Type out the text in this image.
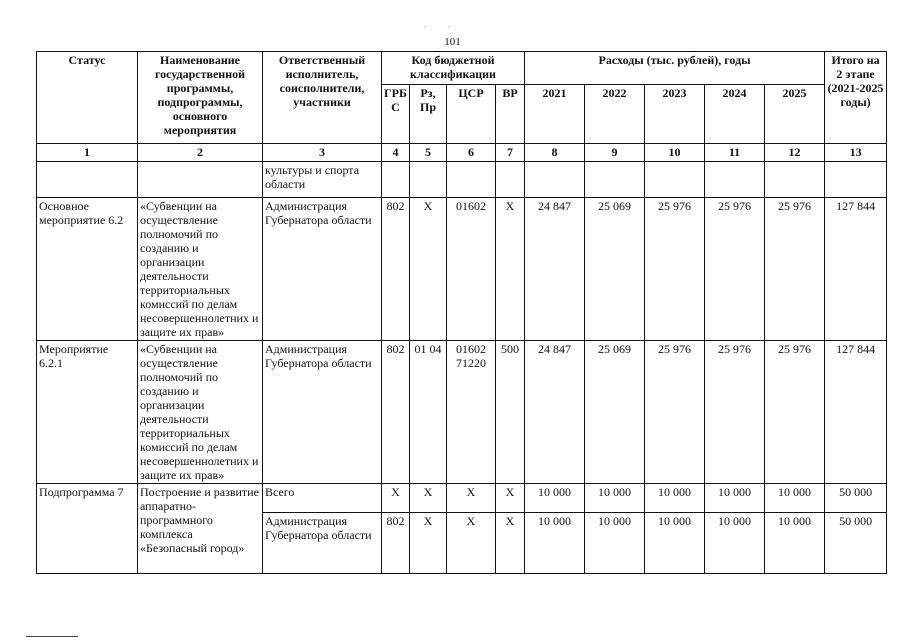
. .
101
Статус	Наименование государственной программы, подпрограммы, основного мероприятия	Ответственный исполнитель, соисполнители, участники	Код бюджетной классификации				Расходы (тыс. рублей), годы					Итого на 2 этапе (2021-2025 годы)
			ГРБ С	Рз, Пр	ЦСР	ВР	2021	2022	2023	2024	2025	
1	2	3	4	5	6	7	8	9	10	11	12	13
		культуры и спорта области										
Основное мероприятие 6.2	«Субвенции на осуществление полномочий по созданию и организации деятельности территориальных комиссий по делам несовершеннолетних и защите их прав»	Администрация Губернатора области	802	X	01602	X	24 847	25 069	25 976	25 976	25 976	127 844
Мероприятие 6.2.1	«Субвенции на осуществление полномочий по созданию и организации деятельности территориальных комиссий по делам несовершеннолетних и защите их прав»	Администрация Губернатора области	802	01 04	01602 71220	500	24 847	25 069	25 976	25 976	25 976	127 844
Подпрограмма 7	Построение и развитие аппаратно-программного комплекса «Безопасный город»	Всего	X	X	X	X	10 000	10 000	10 000	10 000	10 000	50 000
		Администрация Губернатора области	802	X	X	X	10 000	10 000	10 000	10 000	10 000	50 000
